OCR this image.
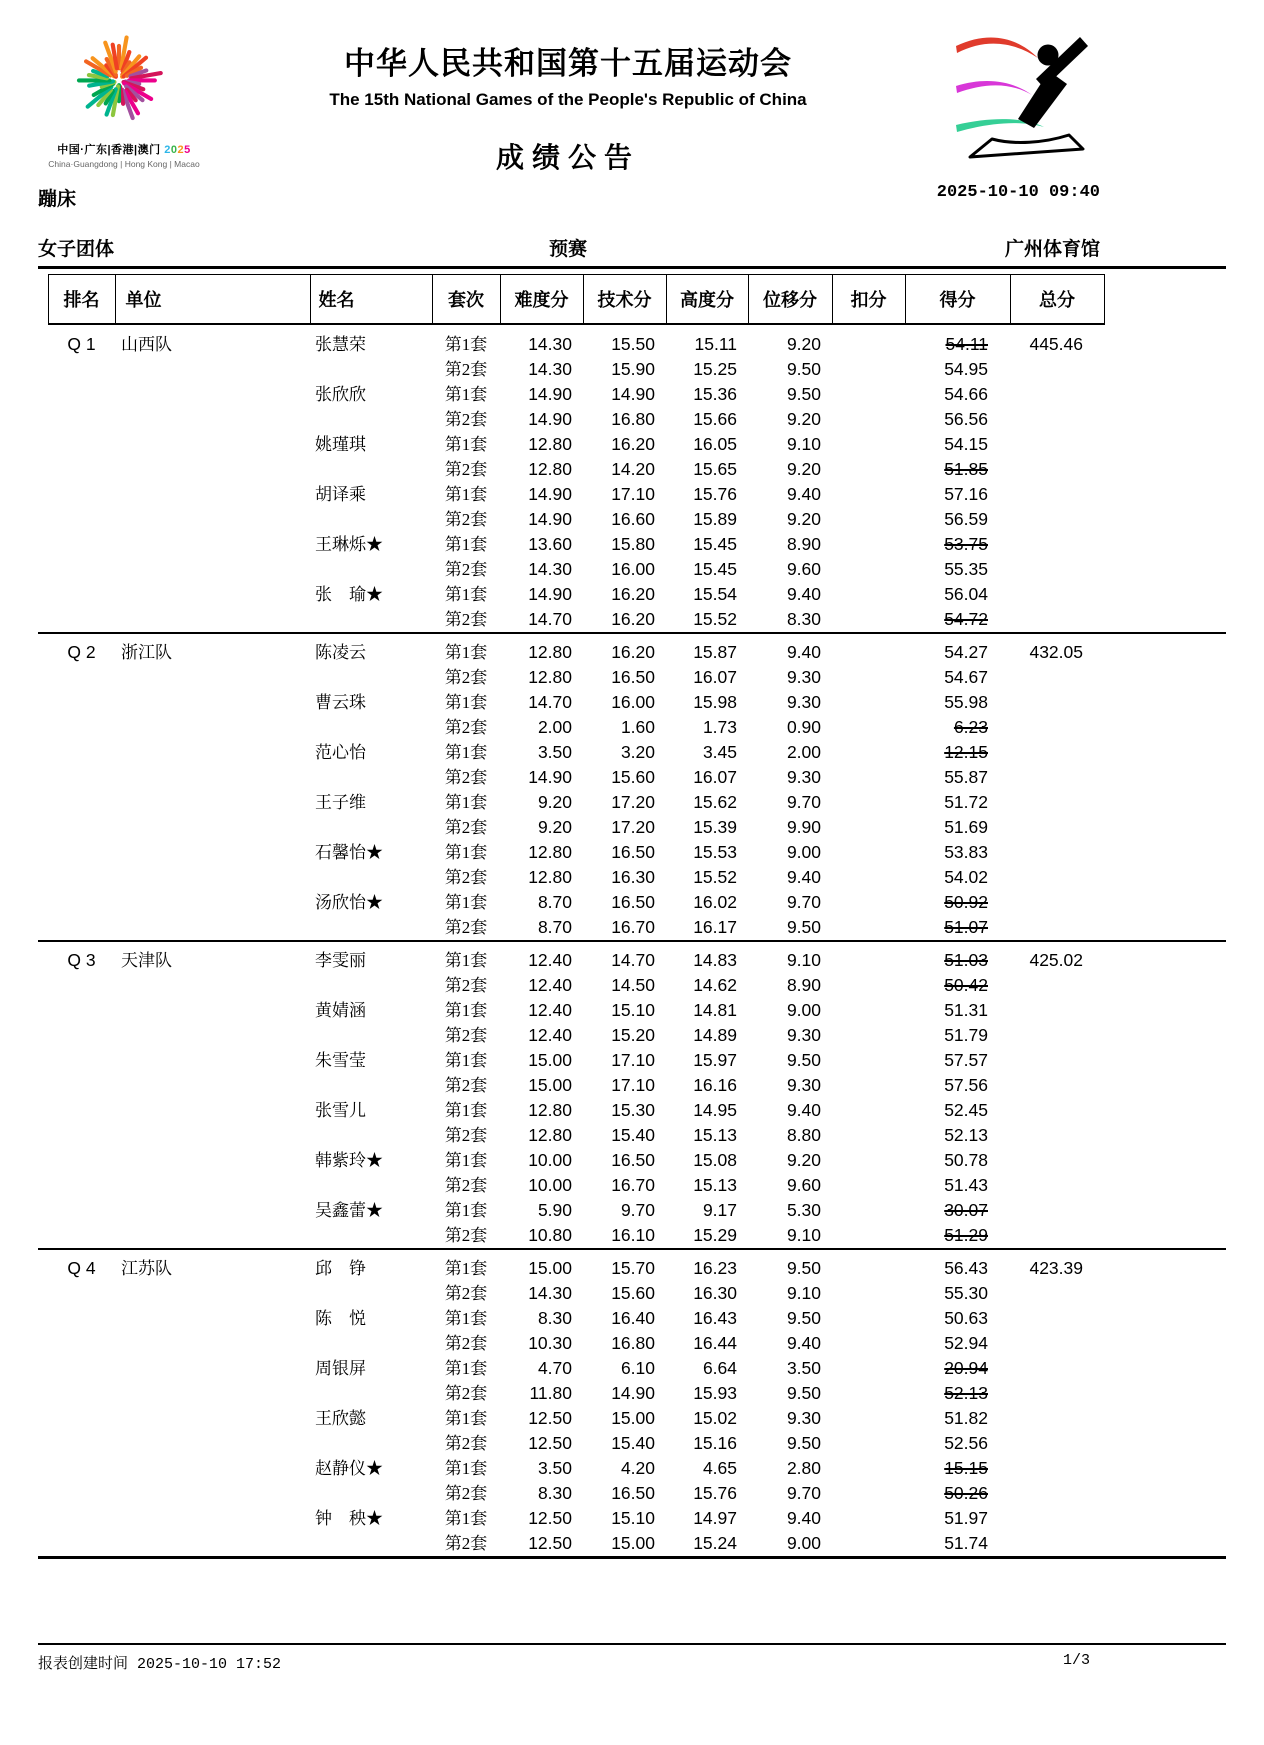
中国·广东|香港|澳门 2025
China·Guangdong | Hong Kong | Macao
中华人民共和国第十五届运动会
The 15th National Games of the People's Republic of China
成绩公告
蹦床	2025-10-10 09:40
女子团体	预赛	广州体育馆
	排名	单位	姓名	套次	难度分	技术分	高度分	位移分	扣分	得分	总分	

	Q 1	山西队	张慧荣	第1套	14.30	15.50	15.11	9.20		54.11	445.46	
				第2套	14.30	15.90	15.25	9.50		54.95		
			张欣欣	第1套	14.90	14.90	15.36	9.50		54.66		
				第2套	14.90	16.80	15.66	9.20		56.56		
			姚瑾琪	第1套	12.80	16.20	16.05	9.10		54.15		
				第2套	12.80	14.20	15.65	9.20		51.85		
			胡译乘	第1套	14.90	17.10	15.76	9.40		57.16		
				第2套	14.90	16.60	15.89	9.20		56.59		
			王琳烁★	第1套	13.60	15.80	15.45	8.90		53.75		
				第2套	14.30	16.00	15.45	9.60		55.35		
			张　瑜★	第1套	14.90	16.20	15.54	9.40		56.04		
				第2套	14.70	16.20	15.52	8.30		54.72		

	Q 2	浙江队	陈凌云	第1套	12.80	16.20	15.87	9.40		54.27	432.05	
				第2套	12.80	16.50	16.07	9.30		54.67		
			曹云珠	第1套	14.70	16.00	15.98	9.30		55.98		
				第2套	2.00	1.60	1.73	0.90		6.23		
			范心怡	第1套	3.50	3.20	3.45	2.00		12.15		
				第2套	14.90	15.60	16.07	9.30		55.87		
			王子维	第1套	9.20	17.20	15.62	9.70		51.72		
				第2套	9.20	17.20	15.39	9.90		51.69		
			石馨怡★	第1套	12.80	16.50	15.53	9.00		53.83		
				第2套	12.80	16.30	15.52	9.40		54.02		
			汤欣怡★	第1套	8.70	16.50	16.02	9.70		50.92		
				第2套	8.70	16.70	16.17	9.50		51.07		

	Q 3	天津队	李雯丽	第1套	12.40	14.70	14.83	9.10		51.03	425.02	
				第2套	12.40	14.50	14.62	8.90		50.42		
			黄婧涵	第1套	12.40	15.10	14.81	9.00		51.31		
				第2套	12.40	15.20	14.89	9.30		51.79		
			朱雪莹	第1套	15.00	17.10	15.97	9.50		57.57		
				第2套	15.00	17.10	16.16	9.30		57.56		
			张雪儿	第1套	12.80	15.30	14.95	9.40		52.45		
				第2套	12.80	15.40	15.13	8.80		52.13		
			韩紫玲★	第1套	10.00	16.50	15.08	9.20		50.78		
				第2套	10.00	16.70	15.13	9.60		51.43		
			吴鑫蕾★	第1套	5.90	9.70	9.17	5.30		30.07		
				第2套	10.80	16.10	15.29	9.10		51.29		

	Q 4	江苏队	邱　铮	第1套	15.00	15.70	16.23	9.50		56.43	423.39	
				第2套	14.30	15.60	16.30	9.10		55.30		
			陈　悦	第1套	8.30	16.40	16.43	9.50		50.63		
				第2套	10.30	16.80	16.44	9.40		52.94		
			周银屏	第1套	4.70	6.10	6.64	3.50		20.94		
				第2套	11.80	14.90	15.93	9.50		52.13		
			王欣懿	第1套	12.50	15.00	15.02	9.30		51.82		
				第2套	12.50	15.40	15.16	9.50		52.56		
			赵静仪★	第1套	3.50	4.20	4.65	2.80		15.15		
				第2套	8.30	16.50	15.76	9.70		50.26		
			钟　秧★	第1套	12.50	15.10	14.97	9.40		51.97		
				第2套	12.50	15.00	15.24	9.00		51.74		
报表创建时间 2025-10-10 17:52	1/3
